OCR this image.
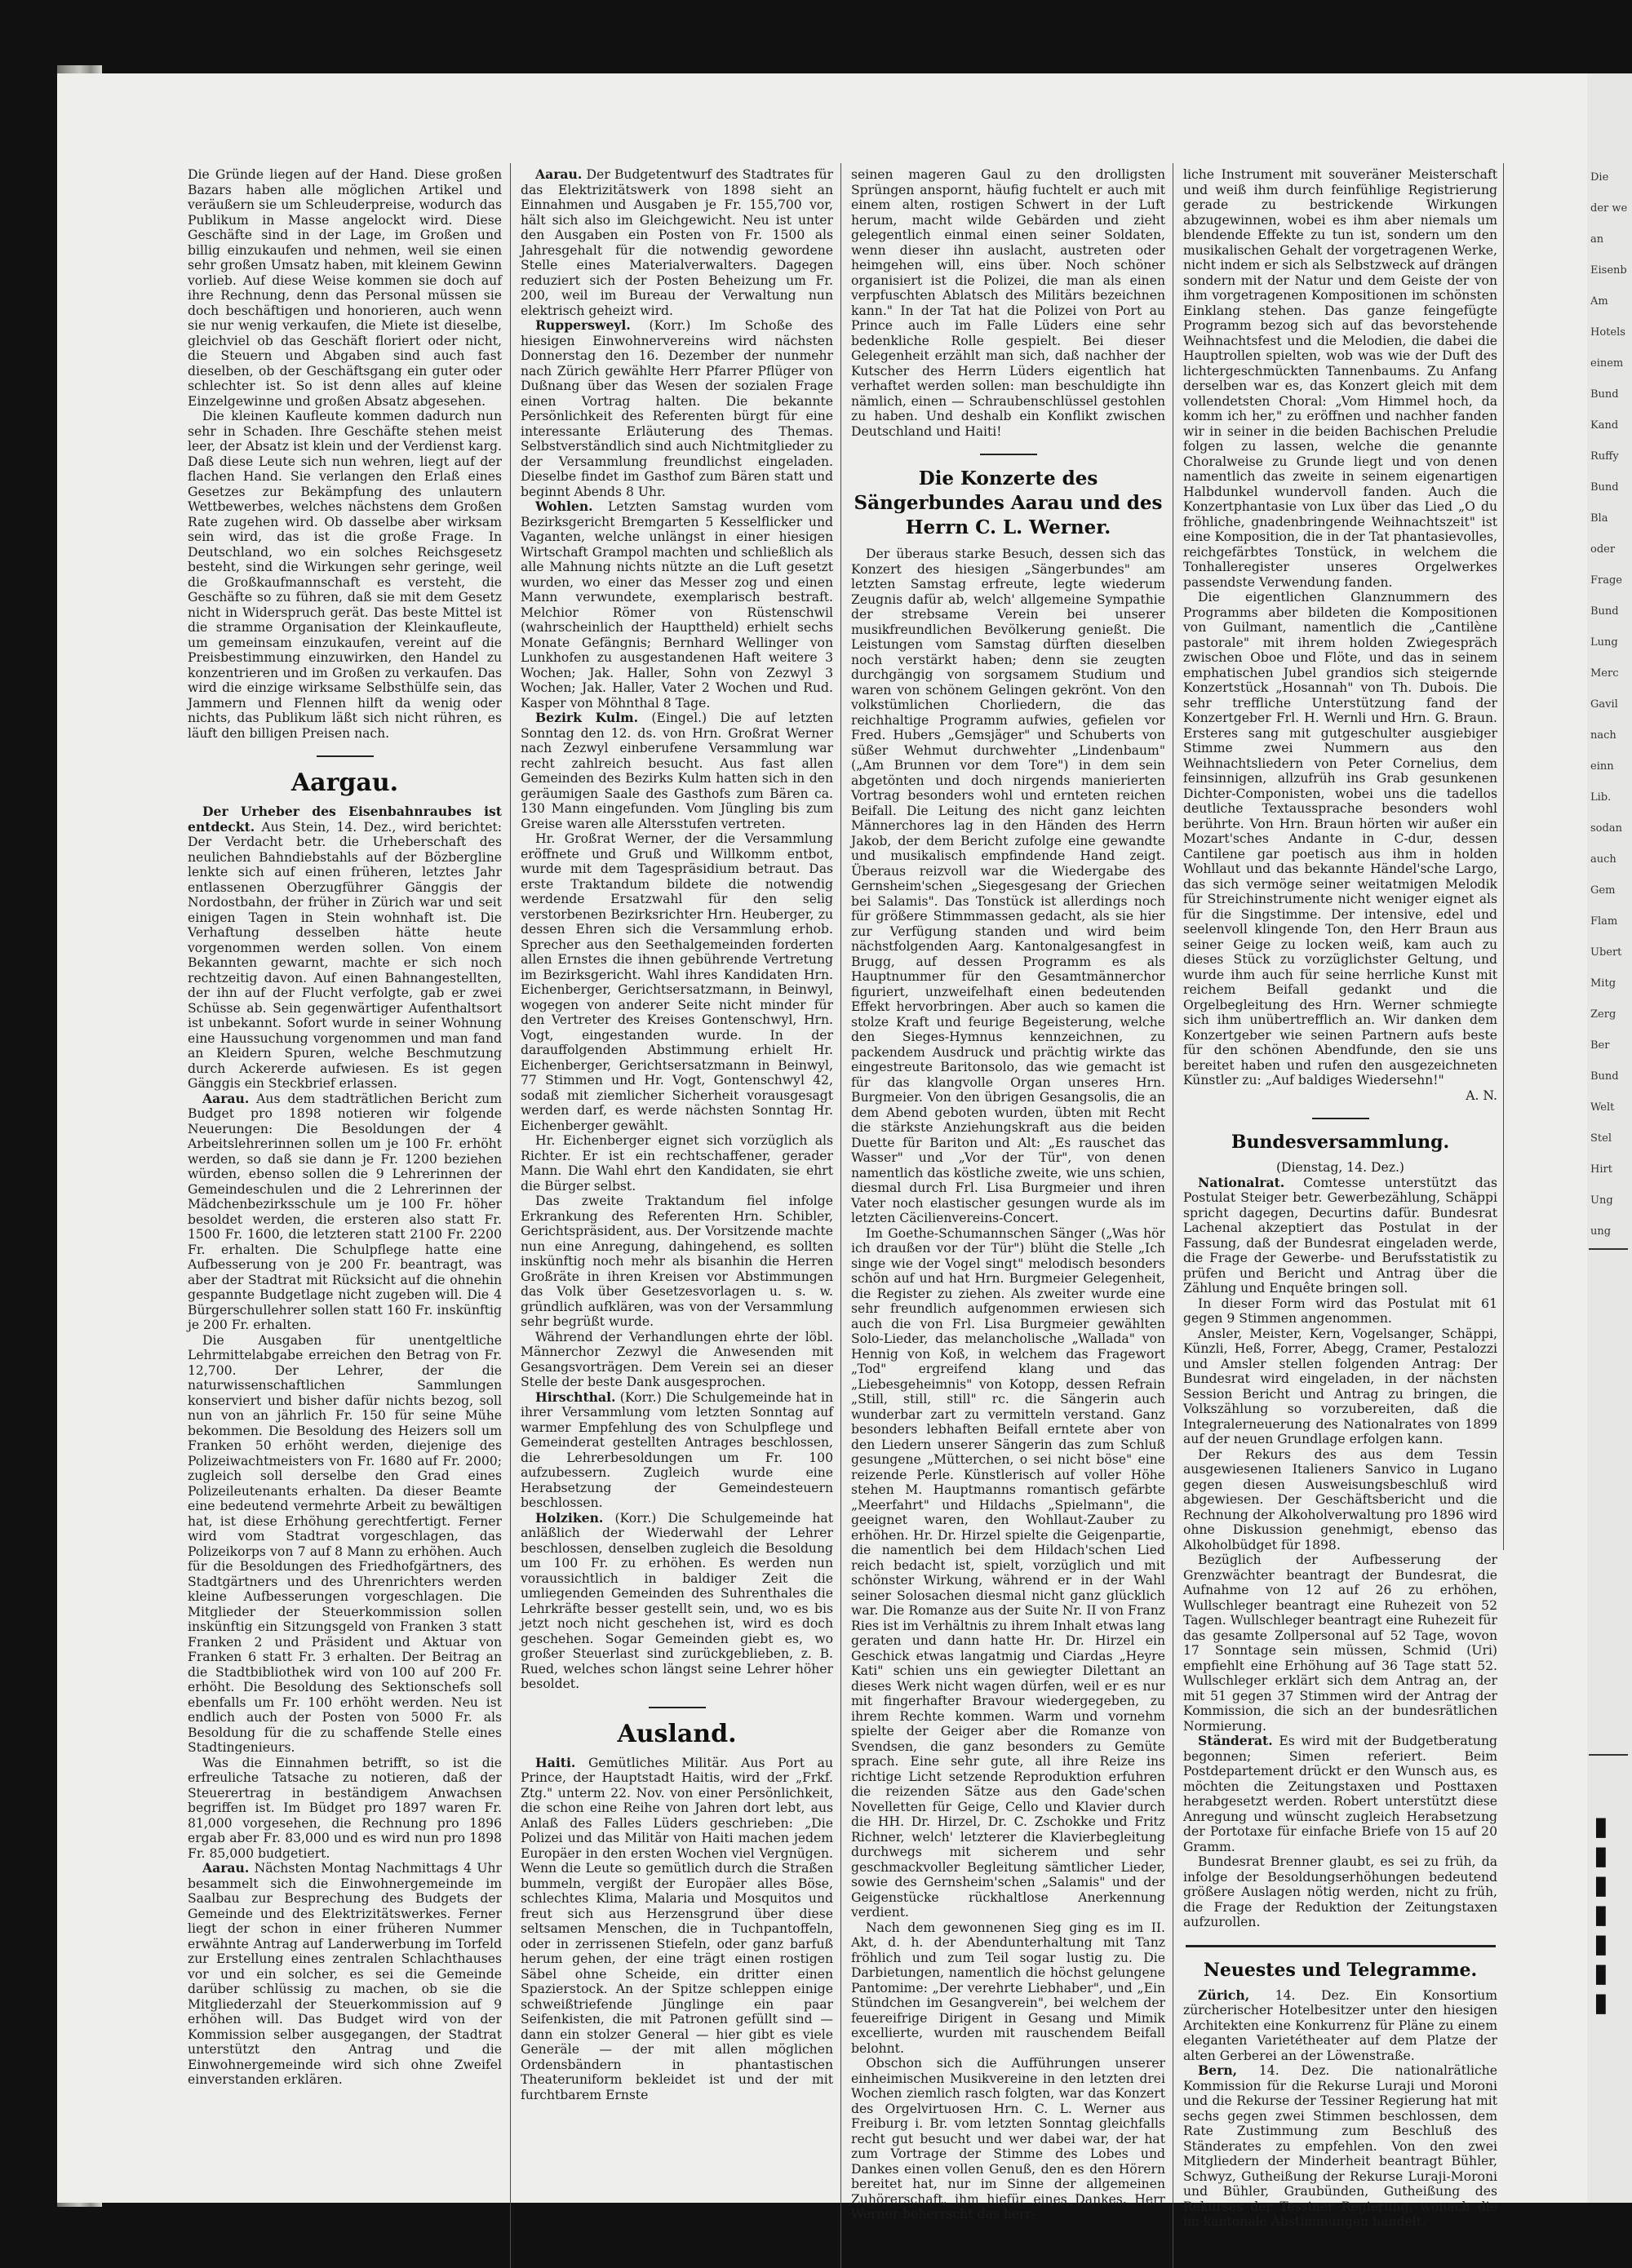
Die Gründe liegen auf der Hand. Diese großen Bazars haben alle möglichen Artikel und veräußern sie um Schleuderpreise, wodurch das Publikum in Masse angelockt wird. Diese Geschäfte sind in der Lage, im Großen und billig einzukaufen und nehmen, weil sie einen sehr großen Umsatz haben, mit kleinem Gewinn vorlieb. Auf diese Weise kommen sie doch auf ihre Rechnung, denn das Personal müssen sie doch beschäftigen und honorieren, auch wenn sie nur wenig verkaufen, die Miete ist dieselbe, gleichviel ob das Geschäft floriert oder nicht, die Steuern und Abgaben sind auch fast dieselben, ob der Geschäftsgang ein guter oder schlechter ist. So ist denn alles auf kleine Einzelgewinne und großen Absatz abgesehen.

Die kleinen Kaufleute kommen dadurch nun sehr in Schaden. Ihre Geschäfte stehen meist leer, der Absatz ist klein und der Verdienst karg. Daß diese Leute sich nun wehren, liegt auf der flachen Hand. Sie verlangen den Erlaß eines Gesetzes zur Bekämpfung des unlautern Wettbewerbes, welches nächstens dem Großen Rate zugehen wird. Ob dasselbe aber wirksam sein wird, das ist die große Frage. In Deutschland, wo ein solches Reichsgesetz besteht, sind die Wirkungen sehr geringe, weil die Großkaufmannschaft es versteht, die Geschäfte so zu führen, daß sie mit dem Gesetz nicht in Widerspruch gerät. Das beste Mittel ist die stramme Organisation der Kleinkaufleute, um gemeinsam einzukaufen, vereint auf die Preisbestimmung einzuwirken, den Handel zu konzentrieren und im Großen zu verkaufen. Das wird die einzige wirksame Selbsthülfe sein, das Jammern und Flennen hilft da wenig oder nichts, das Publikum läßt sich nicht rühren, es läuft den billigen Preisen nach.

Aargau.

Der Urheber des Eisenbahnraubes ist entdeckt. Aus Stein, 14. Dez., wird berichtet: Der Verdacht betr. die Urheberschaft des neulichen Bahndiebstahls auf der Bözbergline lenkte sich auf einen früheren, letztes Jahr entlassenen Oberzugführer Gänggis der Nordostbahn, der früher in Zürich war und seit einigen Tagen in Stein wohnhaft ist. Die Verhaftung desselben hätte heute vorgenommen werden sollen. Von einem Bekannten gewarnt, machte er sich noch rechtzeitig davon. Auf einen Bahnangestellten, der ihn auf der Flucht verfolgte, gab er zwei Schüsse ab. Sein gegenwärtiger Aufenthaltsort ist unbekannt. Sofort wurde in seiner Wohnung eine Haussuchung vorgenommen und man fand an Kleidern Spuren, welche Beschmutzung durch Ackererde aufwiesen. Es ist gegen Gänggis ein Steckbrief erlassen.

Aarau. Aus dem stadträtlichen Bericht zum Budget pro 1898 notieren wir folgende Neuerungen: Die Besoldungen der 4 Arbeitslehrerinnen sollen um je 100 Fr. erhöht werden, so daß sie dann je Fr. 1200 beziehen würden, ebenso sollen die 9 Lehrerinnen der Gemeindeschulen und die 2 Lehrerinnen der Mädchenbezirksschule um je 100 Fr. höher besoldet werden, die ersteren also statt Fr. 1500 Fr. 1600, die letzteren statt 2100 Fr. 2200 Fr. erhalten. Die Schulpflege hatte eine Aufbesserung von je 200 Fr. beantragt, was aber der Stadtrat mit Rücksicht auf die ohnehin gespannte Budgetlage nicht zugeben will. Die 4 Bürgerschullehrer sollen statt 160 Fr. inskünftig je 200 Fr. erhalten.

Die Ausgaben für unentgeltliche Lehrmittelabgabe erreichen den Betrag von Fr. 12,700. Der Lehrer, der die naturwissenschaftlichen Sammlungen konserviert und bisher dafür nichts bezog, soll nun von an jährlich Fr. 150 für seine Mühe bekommen. Die Besoldung des Heizers soll um Franken 50 erhöht werden, diejenige des Polizeiwachtmeisters von Fr. 1680 auf Fr. 2000; zugleich soll derselbe den Grad eines Polizeileutenants erhalten. Da dieser Beamte eine bedeutend vermehrte Arbeit zu bewältigen hat, ist diese Erhöhung gerechtfertigt. Ferner wird vom Stadtrat vorgeschlagen, das Polizeikorps von 7 auf 8 Mann zu erhöhen. Auch für die Besoldungen des Friedhofgärtners, des Stadtgärtners und des Uhrenrichters werden kleine Aufbesserungen vorgeschlagen. Die Mitglieder der Steuerkommission sollen inskünftig ein Sitzungsgeld von Franken 3 statt Franken 2 und Präsident und Aktuar von Franken 6 statt Fr. 3 erhalten. Der Beitrag an die Stadtbibliothek wird von 100 auf 200 Fr. erhöht. Die Besoldung des Sektionschefs soll ebenfalls um Fr. 100 erhöht werden. Neu ist endlich auch der Posten von 5000 Fr. als Besoldung für die zu schaffende Stelle eines Stadtingenieurs.

Was die Einnahmen betrifft, so ist die erfreuliche Tatsache zu notieren, daß der Steuerertrag in beständigem Anwachsen begriffen ist. Im Büdget pro 1897 waren Fr. 81,000 vorgesehen, die Rechnung pro 1896 ergab aber Fr. 83,000 und es wird nun pro 1898 Fr. 85,000 budgetiert.

Aarau. Nächsten Montag Nachmittags 4 Uhr besammelt sich die Einwohnergemeinde im Saalbau zur Besprechung des Budgets der Gemeinde und des Elektrizitätswerkes. Ferner liegt der schon in einer früheren Nummer erwähnte Antrag auf Landerwerbung im Torfeld zur Erstellung eines zentralen Schlachthauses vor und ein solcher, es sei die Gemeinde darüber schlüssig zu machen, ob sie die Mitgliederzahl der Steuerkommission auf 9 erhöhen will. Das Budget wird von der Kommission selber ausgegangen, der Stadtrat unterstützt den Antrag und die Einwohnergemeinde wird sich ohne Zweifel einverstanden erklären.

Aarau. Der Budgetentwurf des Stadtrates für das Elektrizitätswerk von 1898 sieht an Einnahmen und Ausgaben je Fr. 155,700 vor, hält sich also im Gleichgewicht. Neu ist unter den Ausgaben ein Posten von Fr. 1500 als Jahresgehalt für die notwendig gewordene Stelle eines Materialverwalters. Dagegen reduziert sich der Posten Beheizung um Fr. 200, weil im Bureau der Verwaltung nun elektrisch geheizt wird.

Ruppersweyl. (Korr.) Im Schoße des hiesigen Einwohnervereins wird nächsten Donnerstag den 16. Dezember der nunmehr nach Zürich gewählte Herr Pfarrer Pflüger von Dußnang über das Wesen der sozialen Frage einen Vortrag halten. Die bekannte Persönlichkeit des Referenten bürgt für eine interessante Erläuterung des Themas. Selbstverständlich sind auch Nichtmitglieder zu der Versammlung freundlichst eingeladen. Dieselbe findet im Gasthof zum Bären statt und beginnt Abends 8 Uhr.

Wohlen. Letzten Samstag wurden vom Bezirksgericht Bremgarten 5 Kesselflicker und Vaganten, welche unlängst in einer hiesigen Wirtschaft Grampol machten und schließlich als alle Mahnung nichts nützte an die Luft gesetzt wurden, wo einer das Messer zog und einen Mann verwundete, exemplarisch bestraft. Melchior Römer von Rüstenschwil (wahrscheinlich der Haupttheld) erhielt sechs Monate Gefängnis; Bernhard Wellinger von Lunkhofen zu ausgestandenen Haft weitere 3 Wochen; Jak. Haller, Sohn von Zezwyl 3 Wochen; Jak. Haller, Vater 2 Wochen und Rud. Kasper von Möhnthal 8 Tage.

Bezirk Kulm. (Eingel.) Die auf letzten Sonntag den 12. ds. von Hrn. Großrat Werner nach Zezwyl einberufene Versammlung war recht zahlreich besucht. Aus fast allen Gemeinden des Bezirks Kulm hatten sich in den geräumigen Saale des Gasthofs zum Bären ca. 130 Mann eingefunden. Vom Jüngling bis zum Greise waren alle Altersstufen vertreten.

Hr. Großrat Werner, der die Versammlung eröffnete und Gruß und Willkomm entbot, wurde mit dem Tagespräsidium betraut. Das erste Traktandum bildete die notwendig werdende Ersatzwahl für den selig verstorbenen Bezirksrichter Hrn. Heuberger, zu dessen Ehren sich die Versammlung erhob. Sprecher aus den Seethalgemeinden forderten allen Ernstes die ihnen gebührende Vertretung im Bezirksgericht. Wahl ihres Kandidaten Hrn. Eichenberger, Gerichtsersatzmann, in Beinwyl, wogegen von anderer Seite nicht minder für den Vertreter des Kreises Gontenschwyl, Hrn. Vogt, eingestanden wurde. In der darauffolgenden Abstimmung erhielt Hr. Eichenberger, Gerichtsersatzmann in Beinwyl, 77 Stimmen und Hr. Vogt, Gontenschwyl 42, sodaß mit ziemlicher Sicherheit vorausgesagt werden darf, es werde nächsten Sonntag Hr. Eichenberger gewählt.

Hr. Eichenberger eignet sich vorzüglich als Richter. Er ist ein rechtschaffener, gerader Mann. Die Wahl ehrt den Kandidaten, sie ehrt die Bürger selbst.

Das zweite Traktandum fiel infolge Erkrankung des Referenten Hrn. Schibler, Gerichtspräsident, aus. Der Vorsitzende machte nun eine Anregung, dahingehend, es sollten inskünftig noch mehr als bisanhin die Herren Großräte in ihren Kreisen vor Abstimmungen das Volk über Gesetzesvorlagen u. s. w. gründlich aufklären, was von der Versammlung sehr begrüßt wurde.

Während der Verhandlungen ehrte der löbl. Männerchor Zezwyl die Anwesenden mit Gesangsvorträgen. Dem Verein sei an dieser Stelle der beste Dank ausgesprochen.

Hirschthal. (Korr.) Die Schulgemeinde hat in ihrer Versammlung vom letzten Sonntag auf warmer Empfehlung des von Schulpflege und Gemeinderat gestellten Antrages beschlossen, die Lehrerbesoldungen um Fr. 100 aufzubessern. Zugleich wurde eine Herabsetzung der Gemeindesteuern beschlossen.

Holziken. (Korr.) Die Schulgemeinde hat anläßlich der Wiederwahl der Lehrer beschlossen, denselben zugleich die Besoldung um 100 Fr. zu erhöhen. Es werden nun voraussichtlich in baldiger Zeit die umliegenden Gemeinden des Suhrenthales die Lehrkräfte besser gestellt sein, und, wo es bis jetzt noch nicht geschehen ist, wird es doch geschehen. Sogar Gemeinden giebt es, wo großer Steuerlast sind zurückgeblieben, z. B. Rued, welches schon längst seine Lehrer höher besoldet.

Ausland.

Haiti. Gemütliches Militär. Aus Port au Prince, der Hauptstadt Haitis, wird der „Frkf. Ztg." unterm 22. Nov. von einer Persönlichkeit, die schon eine Reihe von Jahren dort lebt, aus Anlaß des Falles Lüders geschrieben: „Die Polizei und das Militär von Haiti machen jedem Europäer in den ersten Wochen viel Vergnügen. Wenn die Leute so gemütlich durch die Straßen bummeln, vergißt der Europäer alles Böse, schlechtes Klima, Malaria und Mosquitos und freut sich aus Herzensgrund über diese seltsamen Menschen, die in Tuchpantoffeln, oder in zerrissenen Stiefeln, oder ganz barfuß herum gehen, der eine trägt einen rostigen Säbel ohne Scheide, ein dritter einen Spazierstock. An der Spitze schleppen einige schweißtriefende Jünglinge ein paar Seifenkisten, die mit Patronen gefüllt sind — dann ein stolzer General — hier gibt es viele Generäle — der mit allen möglichen Ordensbändern in phantastischen Theateruniform bekleidet ist und der mit furchtbarem Ernste

seinen mageren Gaul zu den drolligsten Sprüngen anspornt, häufig fuchtelt er auch mit einem alten, rostigen Schwert in der Luft herum, macht wilde Gebärden und zieht gelegentlich einmal einen seiner Soldaten, wenn dieser ihn auslacht, austreten oder heimgehen will, eins über. Noch schöner organisiert ist die Polizei, die man als einen verpfuschten Ablatsch des Militärs bezeichnen kann." In der Tat hat die Polizei von Port au Prince auch im Falle Lüders eine sehr bedenkliche Rolle gespielt. Bei dieser Gelegenheit erzählt man sich, daß nachher der Kutscher des Herrn Lüders eigentlich hat verhaftet werden sollen: man beschuldigte ihn nämlich, einen — Schraubenschlüssel gestohlen zu haben. Und deshalb ein Konflikt zwischen Deutschland und Haiti!

Die Konzerte des Sängerbundes Aarau und des Herrn C. L. Werner.

Der überaus starke Besuch, dessen sich das Konzert des hiesigen „Sängerbundes" am letzten Samstag erfreute, legte wiederum Zeugnis dafür ab, welch' allgemeine Sympathie der strebsame Verein bei unserer musikfreundlichen Bevölkerung genießt. Die Leistungen vom Samstag dürften dieselben noch verstärkt haben; denn sie zeugten durchgängig von sorgsamem Studium und waren von schönem Gelingen gekrönt. Von den volkstümlichen Chorliedern, die das reichhaltige Programm aufwies, gefielen vor Fred. Hubers „Gemsjäger" und Schuberts von süßer Wehmut durchwehter „Lindenbaum" („Am Brunnen vor dem Tore") in dem sein abgetönten und doch nirgends manierierten Vortrag besonders wohl und ernteten reichen Beifall. Die Leitung des nicht ganz leichten Männerchores lag in den Händen des Herrn Jakob, der dem Bericht zufolge eine gewandte und musikalisch empfindende Hand zeigt. Überaus reizvoll war die Wiedergabe des Gernsheim'schen „Siegesgesang der Griechen bei Salamis". Das Tonstück ist allerdings noch für größere Stimmmassen gedacht, als sie hier zur Verfügung standen und wird beim nächstfolgenden Aarg. Kantonalgesangfest in Brugg, auf dessen Programm es als Hauptnummer für den Gesamtmännerchor figuriert, unzweifelhaft einen bedeutenden Effekt hervorbringen. Aber auch so kamen die stolze Kraft und feurige Begeisterung, welche den Sieges-Hymnus kennzeichnen, zu packendem Ausdruck und prächtig wirkte das eingestreute Baritonsolo, das wie gemacht ist für das klangvolle Organ unseres Hrn. Burgmeier. Von den übrigen Gesangsolis, die an dem Abend geboten wurden, übten mit Recht die stärkste Anziehungskraft aus die beiden Duette für Bariton und Alt: „Es rauschet das Wasser" und „Vor der Tür", von denen namentlich das köstliche zweite, wie uns schien, diesmal durch Frl. Lisa Burgmeier und ihren Vater noch elastischer gesungen wurde als im letzten Cäcilienvereins-Concert.

Im Goethe-Schumannschen Sänger („Was hör ich draußen vor der Tür") blüht die Stelle „Ich singe wie der Vogel singt" melodisch besonders schön auf und hat Hrn. Burgmeier Gelegenheit, die Register zu ziehen. Als zweiter wurde eine sehr freundlich aufgenommen erwiesen sich auch die von Frl. Lisa Burgmeier gewählten Solo-Lieder, das melancholische „Wallada" von Hennig von Koß, in welchem das Fragewort „Tod" ergreifend klang und das „Liebesgeheimnis" von Kotopp, dessen Refrain „Still, still, still" rc. die Sängerin auch wunderbar zart zu vermitteln verstand. Ganz besonders lebhaften Beifall erntete aber von den Liedern unserer Sängerin das zum Schluß gesungene „Mütterchen, o sei nicht böse" eine reizende Perle. Künstlerisch auf voller Höhe stehen M. Hauptmanns romantisch gefärbte „Meerfahrt" und Hildachs „Spielmann", die geeignet waren, den Wohllaut-Zauber zu erhöhen. Hr. Dr. Hirzel spielte die Geigenpartie, die namentlich bei dem Hildach'schen Lied reich bedacht ist, spielt, vorzüglich und mit schönster Wirkung, während er in der Wahl seiner Solosachen diesmal nicht ganz glücklich war. Die Romanze aus der Suite Nr. II von Franz Ries ist im Verhältnis zu ihrem Inhalt etwas lang geraten und dann hatte Hr. Dr. Hirzel ein Geschick etwas langatmig und Ciardas „Heyre Kati" schien uns ein gewiegter Dilettant an dieses Werk nicht wagen dürfen, weil er es nur mit fingerhafter Bravour wiedergegeben, zu ihrem Rechte kommen. Warm und vornehm spielte der Geiger aber die Romanze von Svendsen, die ganz besonders zu Gemüte sprach. Eine sehr gute, all ihre Reize ins richtige Licht setzende Reproduktion erfuhren die reizenden Sätze aus den Gade'schen Novelletten für Geige, Cello und Klavier durch die HH. Dr. Hirzel, Dr. C. Zschokke und Fritz Richner, welch' letzterer die Klavierbegleitung durchwegs mit sicherem und sehr geschmackvoller Begleitung sämtlicher Lieder, sowie des Gernsheim'schen „Salamis" und der Geigenstücke rückhaltlose Anerkennung verdient.

Nach dem gewonnenen Sieg ging es im II. Akt, d. h. der Abendunterhaltung mit Tanz fröhlich und zum Teil sogar lustig zu. Die Darbietungen, namentlich die höchst gelungene Pantomime: „Der verehrte Liebhaber", und „Ein Stündchen im Gesangverein", bei welchem der feuereifrige Dirigent in Gesang und Mimik excellierte, wurden mit rauschendem Beifall belohnt.

Obschon sich die Aufführungen unserer einheimischen Musikvereine in den letzten drei Wochen ziemlich rasch folgten, war das Konzert des Orgelvirtuosen Hrn. C. L. Werner aus Freiburg i. Br. vom letzten Sonntag gleichfalls recht gut besucht und wer dabei war, der hat zum Vortrage der Stimme des Lobes und Dankes einen vollen Genuß, den es den Hörern bereitet hat, nur im Sinne der allgemeinen Zuhörerschaft, ihm hiefür eines Dankes. Herr Werner beherrscht das herr-

liche Instrument mit souveräner Meisterschaft und weiß ihm durch feinfühlige Registrierung gerade zu bestrickende Wirkungen abzugewinnen, wobei es ihm aber niemals um blendende Effekte zu tun ist, sondern um den musikalischen Gehalt der vorgetragenen Werke, nicht indem er sich als Selbstzweck auf drängen sondern mit der Natur und dem Geiste der von ihm vorgetragenen Kompositionen im schönsten Einklang stehen. Das ganze feingefügte Programm bezog sich auf das bevorstehende Weihnachtsfest und die Melodien, die dabei die Hauptrollen spielten, wob was wie der Duft des lichtergeschmückten Tannenbaums. Zu Anfang derselben war es, das Konzert gleich mit dem vollendetsten Choral: „Vom Himmel hoch, da komm ich her," zu eröffnen und nachher fanden wir in seiner in die beiden Bachischen Preludie folgen zu lassen, welche die genannte Choralweise zu Grunde liegt und von denen namentlich das zweite in seinem eigenartigen Halbdunkel wundervoll fanden. Auch die Konzertphantasie von Lux über das Lied „O du fröhliche, gnadenbringende Weihnachtszeit" ist eine Komposition, die in der Tat phantasievolles, reichgefärbtes Tonstück, in welchem die Tonhalleregister unseres Orgelwerkes passendste Verwendung fanden.

Die eigentlichen Glanznummern des Programms aber bildeten die Kompositionen von Guilmant, namentlich die „Cantilène pastorale" mit ihrem holden Zwiegespräch zwischen Oboe und Flöte, und das in seinem emphatischen Jubel grandios sich steigernde Konzertstück „Hosannah" von Th. Dubois. Die sehr treffliche Unterstützung fand der Konzertgeber Frl. H. Wernli und Hrn. G. Braun. Ersteres sang mit gutgeschulter ausgiebiger Stimme zwei Nummern aus den Weihnachtsliedern von Peter Cornelius, dem feinsinnigen, allzufrüh ins Grab gesunkenen Dichter-Componisten, wobei uns die tadellos deutliche Textaussprache besonders wohl berührte. Von Hrn. Braun hörten wir außer ein Mozart'sches Andante in C-dur, dessen Cantilene gar poetisch aus ihm in holden Wohllaut und das bekannte Händel'sche Largo, das sich vermöge seiner weitatmigen Melodik für Streichinstrumente nicht weniger eignet als für die Singstimme. Der intensive, edel und seelenvoll klingende Ton, den Herr Braun aus seiner Geige zu locken weiß, kam auch zu dieses Stück zu vorzüglichster Geltung, und wurde ihm auch für seine herrliche Kunst mit reichem Beifall gedankt und die Orgelbegleitung des Hrn. Werner schmiegte sich ihm unübertrefflich an. Wir danken dem Konzertgeber wie seinen Partnern aufs beste für den schönen Abendfunde, den sie uns bereitet haben und rufen den ausgezeichneten Künstler zu: „Auf baldiges Wiedersehn!"

A. N.
Bundesversammlung.
(Dienstag, 14. Dez.)

Nationalrat. Comtesse unterstützt das Postulat Steiger betr. Gewerbezählung, Schäppi spricht dagegen, Decurtins dafür. Bundesrat Lachenal akzeptiert das Postulat in der Fassung, daß der Bundesrat eingeladen werde, die Frage der Gewerbe- und Berufsstatistik zu prüfen und Bericht und Antrag über die Zählung und Enquête bringen soll.

In dieser Form wird das Postulat mit 61 gegen 9 Stimmen angenommen.

Ansler, Meister, Kern, Vogelsanger, Schäppi, Künzli, Heß, Forrer, Abegg, Cramer, Pestalozzi und Amsler stellen folgenden Antrag: Der Bundesrat wird eingeladen, in der nächsten Session Bericht und Antrag zu bringen, die Volkszählung so vorzubereiten, daß die Integralerneuerung des Nationalrates von 1899 auf der neuen Grundlage erfolgen kann.

Der Rekurs des aus dem Tessin ausgewiesenen Italieners Sanvico in Lugano gegen diesen Ausweisungsbeschluß wird abgewiesen. Der Geschäftsbericht und die Rechnung der Alkoholverwaltung pro 1896 wird ohne Diskussion genehmigt, ebenso das Alkoholbüdget für 1898.

Bezüglich der Aufbesserung der Grenzwächter beantragt der Bundesrat, die Aufnahme von 12 auf 26 zu erhöhen, Wullschleger beantragt eine Ruhezeit von 52 Tagen. Wullschleger beantragt eine Ruhezeit für das gesamte Zollpersonal auf 52 Tage, wovon 17 Sonntage sein müssen, Schmid (Uri) empfiehlt eine Erhöhung auf 36 Tage statt 52. Wullschleger erklärt sich dem Antrag an, der mit 51 gegen 37 Stimmen wird der Antrag der Kommission, die sich an der bundesrätlichen Normierung.

Ständerat. Es wird mit der Budgetberatung begonnen; Simen referiert. Beim Postdepartement drückt er den Wunsch aus, es möchten die Zeitungstaxen und Posttaxen herabgesetzt werden. Robert unterstützt diese Anregung und wünscht zugleich Herabsetzung der Portotaxe für einfache Briefe von 15 auf 20 Gramm.

Bundesrat Brenner glaubt, es sei zu früh, da infolge der Besoldungserhöhungen bedeutend größere Auslagen nötig werden, nicht zu früh, die Frage der Reduktion der Zeitungstaxen aufzurollen.

Neuestes und Telegramme.

Zürich, 14. Dez. Ein Konsortium zürcherischer Hotelbesitzer unter den hiesigen Architekten eine Konkurrenz für Pläne zu einem eleganten Varietétheater auf dem Platze der alten Gerberei an der Löwenstraße.

Bern, 14. Dez. Die nationalrätliche Kommission für die Rekurse Luraji und Moroni und die Rekurse der Tessiner Regierung hat mit sechs gegen zwei Stimmen beschlossen, dem Rate Zustimmung zum Beschluß des Ständerates zu empfehlen. Von den zwei Mitgliedern der Minderheit beantragt Bühler, Schwyz, Gutheißung der Rekurse Luraji-Moroni und Bühler, Graubünden, Gutheißung des Rekurses der Tessiner Regierung, wonach die im kantonale Abstimmungen handelt.

▮
▮
▮
▮
▮
▮
▮
Die
der we
an
Eisenb
Am
Hotels
einem
Bund
Kand
Ruffy
Bund
Bla
oder
Frage
Bund
Lung
Merc
Gavil
nach
einn
Lib.
sodan
auch
Gem
Flam
Ubert
Mitg
Zerg
Ber
Bund
Welt
Stel
Hirt
Ung
ung
